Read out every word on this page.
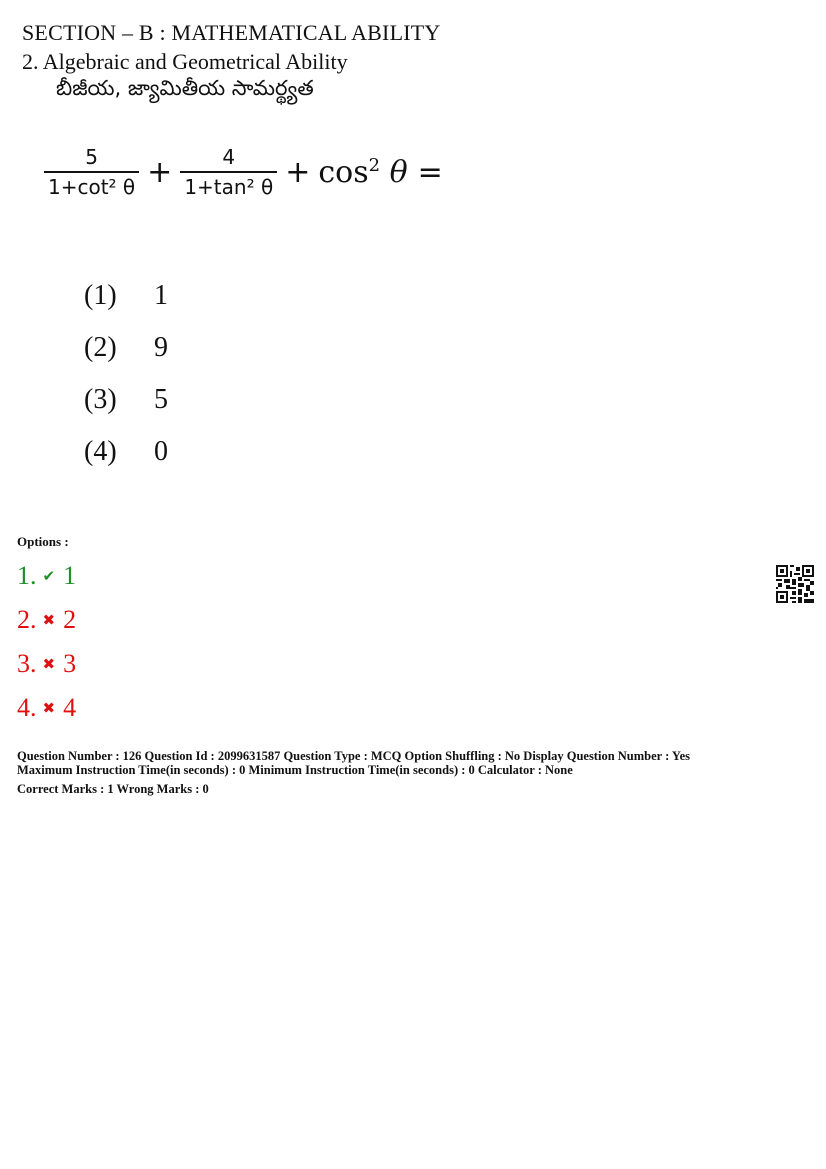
SECTION – B : MATHEMATICAL ABILITY
2. Algebraic and Geometrical Ability
బీజీయ, జ్యామితీయ సామర్థ్యత
$\frac{5}{\text{1+cot² θ}} + \frac{4}{\text{1+tan² θ}} + \cos^2 \theta$ =
(1)	1
(2)	9
(3)	5
(4)	0
Options :
1. ✔ 1
2. ✖ 2
3. ✖ 3
4. ✖ 4
Question Number : 126 Question Id : 2099631587 Question Type : MCQ Option Shuffling : No Display Question Number : Yes
Maximum Instruction Time(in seconds) : 0 Minimum Instruction Time(in seconds) : 0 Calculator : None
Correct Marks : 1 Wrong Marks : 0
